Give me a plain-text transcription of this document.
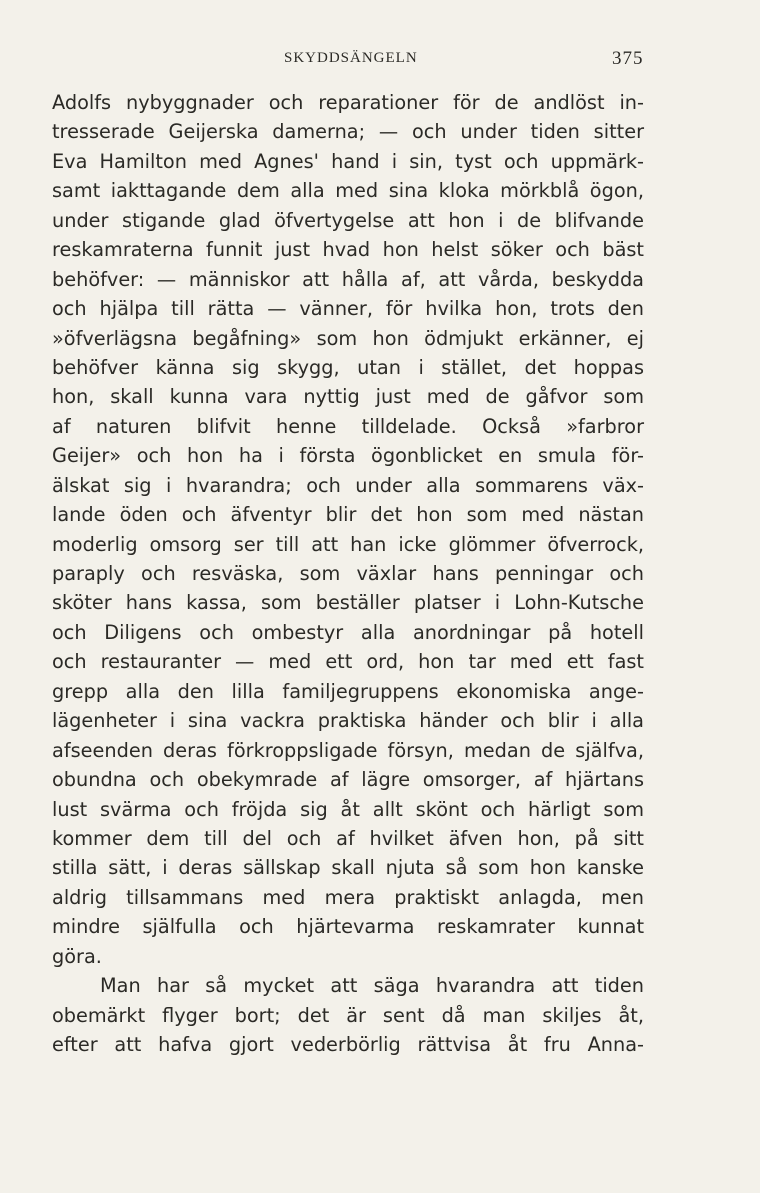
SKYDDSÄNGELN	375
Adolfs nybyggnader och reparationer för de andlöst in-
tresserade Geijerska damerna; — och under tiden sitter
Eva Hamilton med Agnes' hand i sin, tyst och uppmärk-
samt iakttagande dem alla med sina kloka mörkblå ögon,
under stigande glad öfvertygelse att hon i de blifvande
reskamraterna funnit just hvad hon helst söker och bäst
behöfver: — människor att hålla af, att vårda, beskydda
och hjälpa till rätta — vänner, för hvilka hon, trots den
»öfverlägsna begåfning» som hon ödmjukt erkänner, ej
behöfver känna sig skygg, utan i stället, det hoppas
hon, skall kunna vara nyttig just med de gåfvor som
af naturen blifvit henne tilldelade. Också »farbror
Geijer» och hon ha i första ögonblicket en smula för-
älskat sig i hvarandra; och under alla sommarens väx-
lande öden och äfventyr blir det hon som med nästan
moderlig omsorg ser till att han icke glömmer öfverrock,
paraply och resväska, som växlar hans penningar och
sköter hans kassa, som beställer platser i Lohn-Kutsche
och Diligens och ombestyr alla anordningar på hotell
och restauranter — med ett ord, hon tar med ett fast
grepp alla den lilla familjegruppens ekonomiska ange-
lägenheter i sina vackra praktiska händer och blir i alla
afseenden deras förkroppsligade försyn, medan de själfva,
obundna och obekymrade af lägre omsorger, af hjärtans
lust svärma och fröjda sig åt allt skönt och härligt som
kommer dem till del och af hvilket äfven hon, på sitt
stilla sätt, i deras sällskap skall njuta så som hon kanske
aldrig tillsammans med mera praktiskt anlagda, men
mindre själfulla och hjärtevarma reskamrater kunnat
göra.
Man har så mycket att säga hvarandra att tiden
obemärkt flyger bort; det är sent då man skiljes åt,
efter att hafva gjort vederbörlig rättvisa åt fru Anna-
